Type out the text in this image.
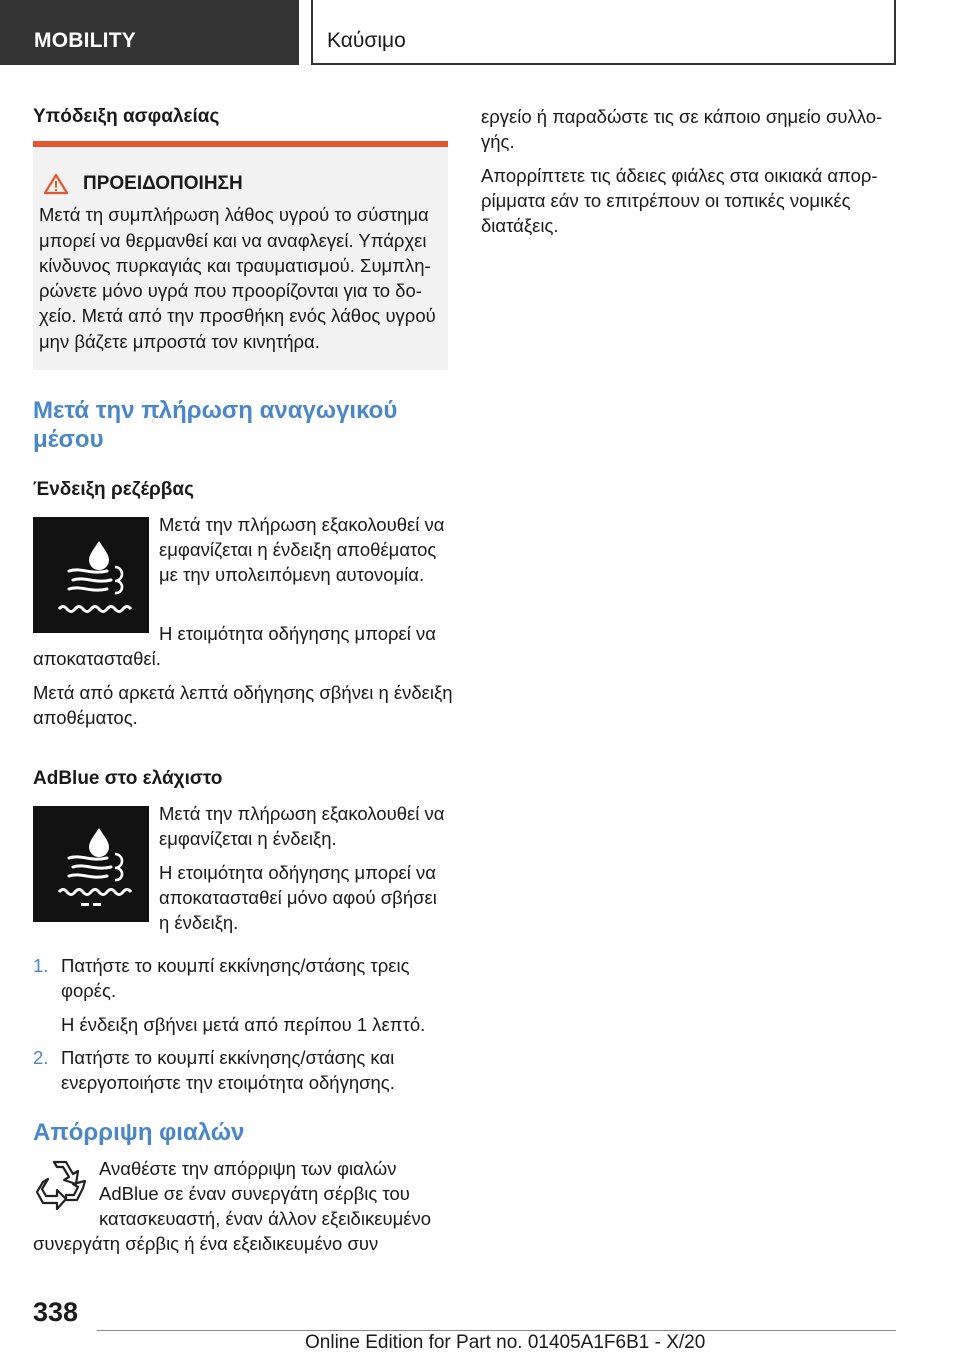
MOBILITY	Καύσιμο
Υπόδειξη ασφαλείας
ΠΡΟΕΙΔΟΠΟΙΗΣΗ

Μετά τη συμπλήρωση λάθος υγρού το σύστημα μπορεί να θερμανθεί και να αναφλεγεί. Υπάρχει κίνδυνος πυρκαγιάς και τραυματισμού. Συμπληρώνετε μόνο υγρά που προορίζονται για το δοχείο. Μετά από την προσθήκη ενός λάθος υγρού μην βάζετε μπροστά τον κινητήρα.

Μετά την πλήρωση αναγωγικού μέσου
Ένδειξη ρεζέρβας

Μετά την πλήρωση εξακολουθεί να εμφανίζεται η ένδειξη αποθέματος με την υπολειπόμενη αυτονομία.

Η ετοιμότητα οδήγησης μπορεί να αποκατασταθεί.

Μετά από αρκετά λεπτά οδήγησης σβήνει η ένδειξη αποθέματος.

AdBlue στο ελάχιστο

Μετά την πλήρωση εξακολουθεί να εμφανίζεται η ένδειξη.

Η ετοιμότητα οδήγησης μπορεί να αποκατασταθεί μόνο αφού σβήσει η ένδειξη.

1. Πατήστε το κουμπί εκκίνησης/στάσης τρεις φορές.

Η ένδειξη σβήνει μετά από περίπου 1 λεπτό.

2. Πατήστε το κουμπί εκκίνησης/στάσης και ενεργοποιήστε την ετοιμότητα οδήγησης.
Απόρριψη φιαλών

Αναθέστε την απόρριψη των φιαλών AdBlue σε έναν συνεργάτη σέρβις του κατασκευαστή, έναν άλλον εξειδικευμένο συνεργάτη σέρβις ή ένα εξειδικευμένο συν

εργείο ή παραδώστε τις σε κάποιο σημείο συλλογής.

Απορρίπτετε τις άδειες φιάλες στα οικιακά απορρίμματα εάν το επιτρέπουν οι τοπικές νομικές διατάξεις.

338
Online Edition for Part no. 01405A1F6B1 - X/20
